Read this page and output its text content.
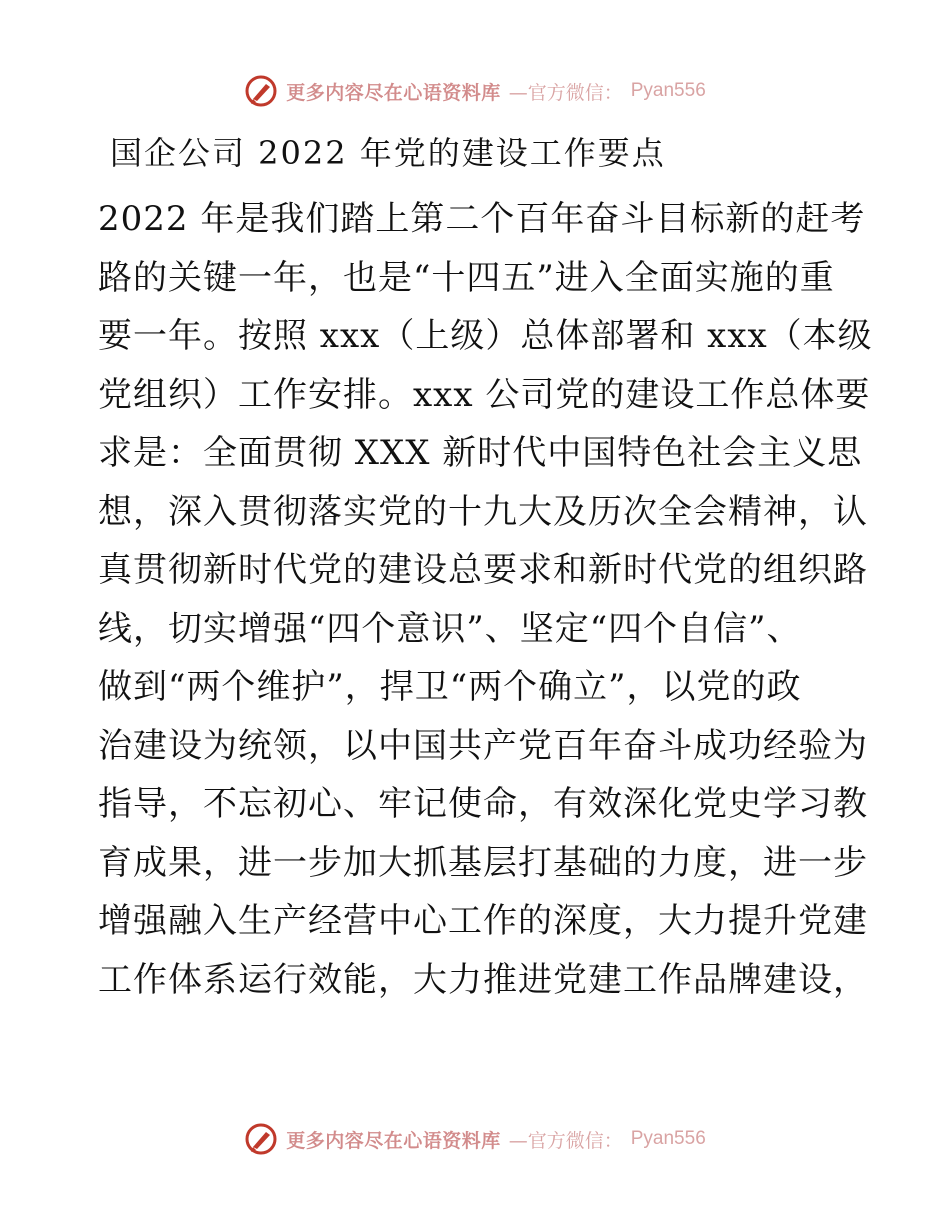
更多内容尽在心语资料库 —官方微信： Pyan556
国企公司 2022 年党的建设工作要点
2022 年是我们踏上第二个百年奋斗目标新的赶考
路的关键一年，也是“十四五”进入全面实施的重
要一年。按照 xxx（上级）总体部署和 xxx（本级
党组织）工作安排。xxx 公司党的建设工作总体要
求是：全面贯彻 XXX 新时代中国特色社会主义思
想，深入贯彻落实党的十九大及历次全会精神，认
真贯彻新时代党的建设总要求和新时代党的组织路
线，切实增强“四个意识”、坚定“四个自信”、
做到“两个维护”，捍卫“两个确立”，以党的政
治建设为统领，以中国共产党百年奋斗成功经验为
指导，不忘初心、牢记使命，有效深化党史学习教
育成果，进一步加大抓基层打基础的力度，进一步
增强融入生产经营中心工作的深度，大力提升党建
工作体系运行效能，大力推进党建工作品牌建设，
更多内容尽在心语资料库 —官方微信： Pyan556
